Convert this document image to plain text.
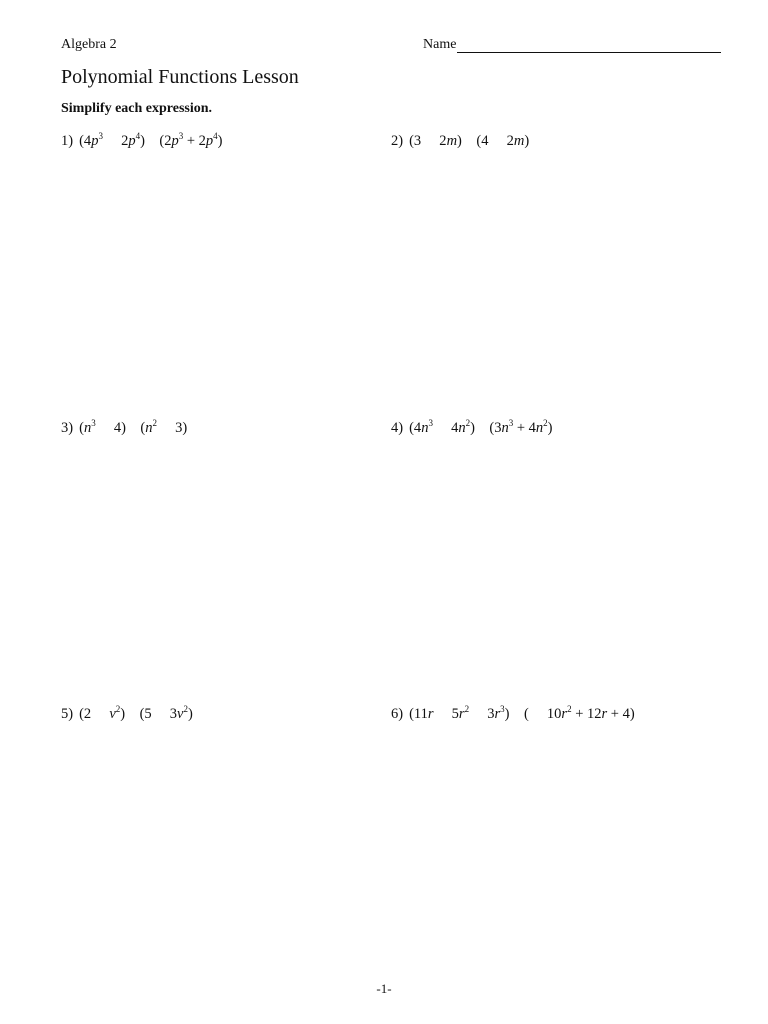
Algebra 2	Name
Polynomial Functions Lesson
Simplify each expression.
1) ($4p^3$  $2p^4$) $(2p^3 + 2p^4)$	2) (3  2m) (4  2m)
3) ($n^3$  4) ($n^2$  3)	4) ($4n^3$  $4n^2$) $(3n^3 + 4n^2)$
5) (2  $v^2$) (5  $3v^2$)	6) (11r  $5r^2$  $3r^3$) (  $10r^2 + 12r + 4$)
-1-
